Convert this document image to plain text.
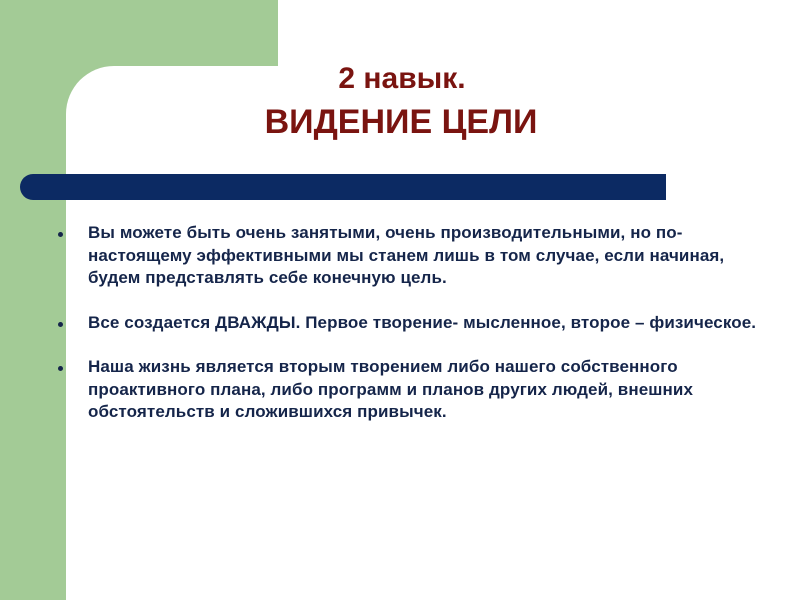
2 навык.
ВИДЕНИЕ ЦЕЛИ
Вы можете быть очень занятыми, очень производительными, но по-настоящему эффективными мы станем лишь в том случае, если начиная, будем представлять себе конечную цель.
Все создается ДВАЖДЫ. Первое творение- мысленное, второе – физическое.
Наша жизнь является вторым творением либо нашего собственного проактивного плана, либо программ и планов других людей, внешних обстоятельств и сложившихся привычек.
